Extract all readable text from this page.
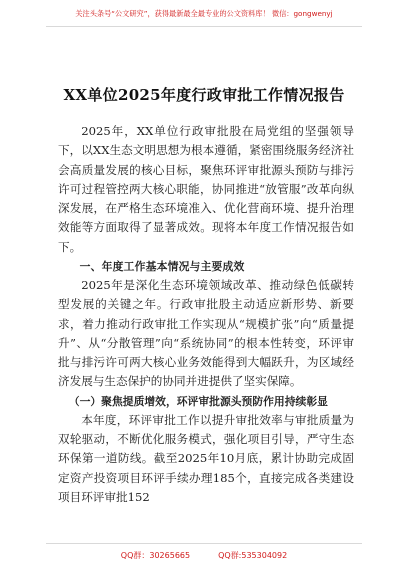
关注头条号“公文研究”，获得最新最全最专业的公文资料库！ 微信：gongwenyj
XX单位2025年度行政审批工作情况报告

2025年，XX单位行政审批股在局党组的坚强领导下，以XX生态文明思想为根本遵循，紧密围绕服务经济社会高质量发展的核心目标，聚焦环评审批源头预防与排污许可过程管控两大核心职能，协同推进“放管服”改革向纵深发展，在严格生态环境准入、优化营商环境、提升治理效能等方面取得了显著成效。现将本年度工作情况报告如下。

一、年度工作基本情况与主要成效

2025年是深化生态环境领域改革、推动绿色低碳转型发展的关键之年。行政审批股主动适应新形势、新要求，着力推动行政审批工作实现从“规模扩张”向“质量提升”、从“分散管理”向“系统协同”的根本性转变，环评审批与排污许可两大核心业务效能得到大幅跃升，为区域经济发展与生态保护的协同并进提供了坚实保障。

（一）聚焦提质增效，环评审批源头预防作用持续彰显

本年度，环评审批工作以提升审批效率与审批质量为双轮驱动，不断优化服务模式，强化项目引导，严守生态环保第一道防线。截至2025年10月底，累计协助完成固定资产投资项目环评手续办理185个，直接完成各类建设项目环评审批152

QQ群：30265665	QQ群:535304092
